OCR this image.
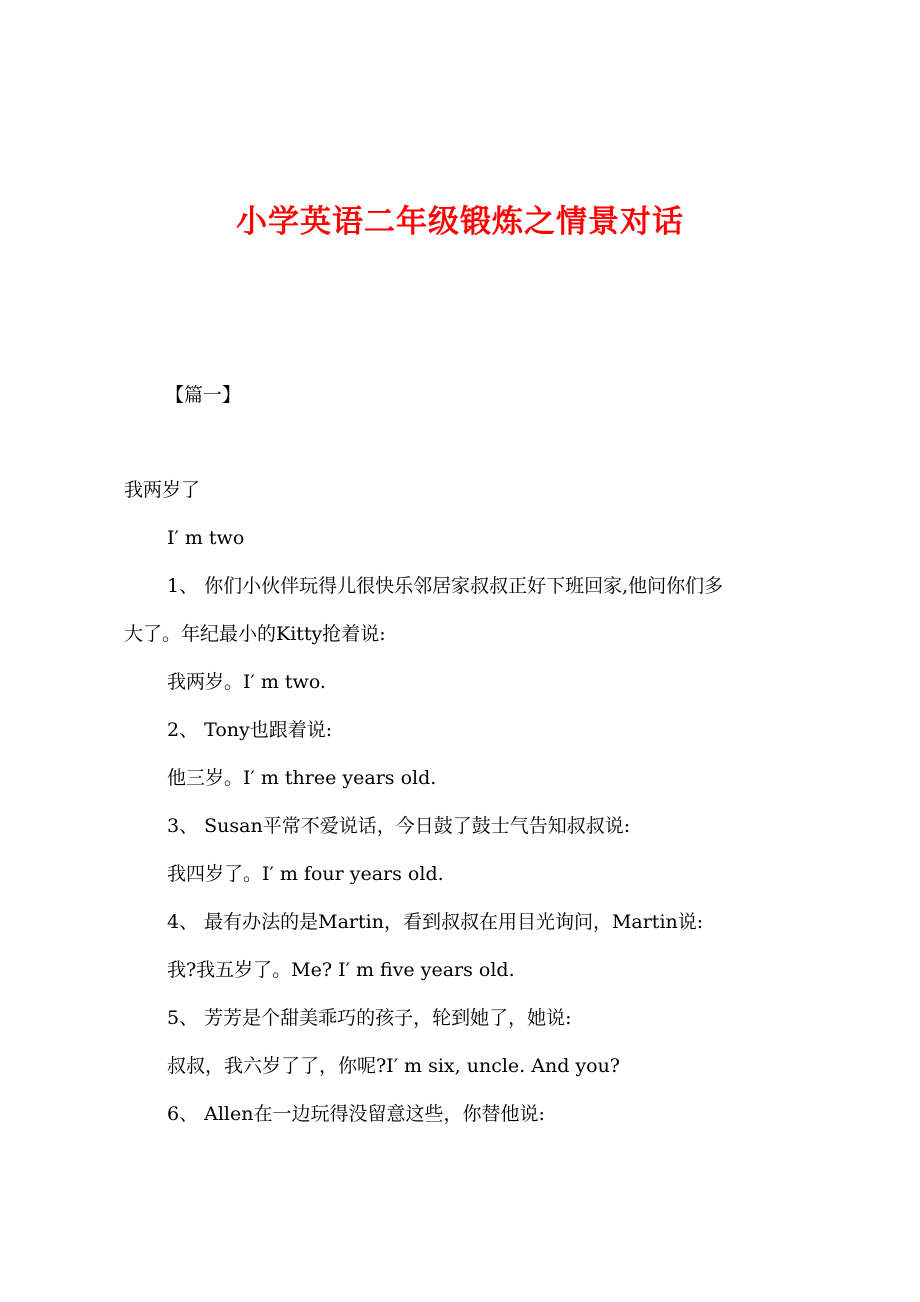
小学英语二年级锻炼之情景对话
【篇一】
我两岁了
I′ m two
1、 你们小伙伴玩得儿很快乐邻居家叔叔正好下班回家,他问你们多
大了。年纪最小的Kitty抢着说:
我两岁。I′ m two.
2、 Tony也跟着说:
他三岁。I′ m three years old.
3、 Susan平常不爱说话，今日鼓了鼓士气告知叔叔说:
我四岁了。I′ m four years old.
4、 最有办法的是Martin，看到叔叔在用目光询问，Martin说:
我?我五岁了。Me? I′ m five years old.
5、 芳芳是个甜美乖巧的孩子，轮到她了，她说:
叔叔，我六岁了了，你呢?I′ m six, uncle. And you?
6、 Allen在一边玩得没留意这些，你替他说:
